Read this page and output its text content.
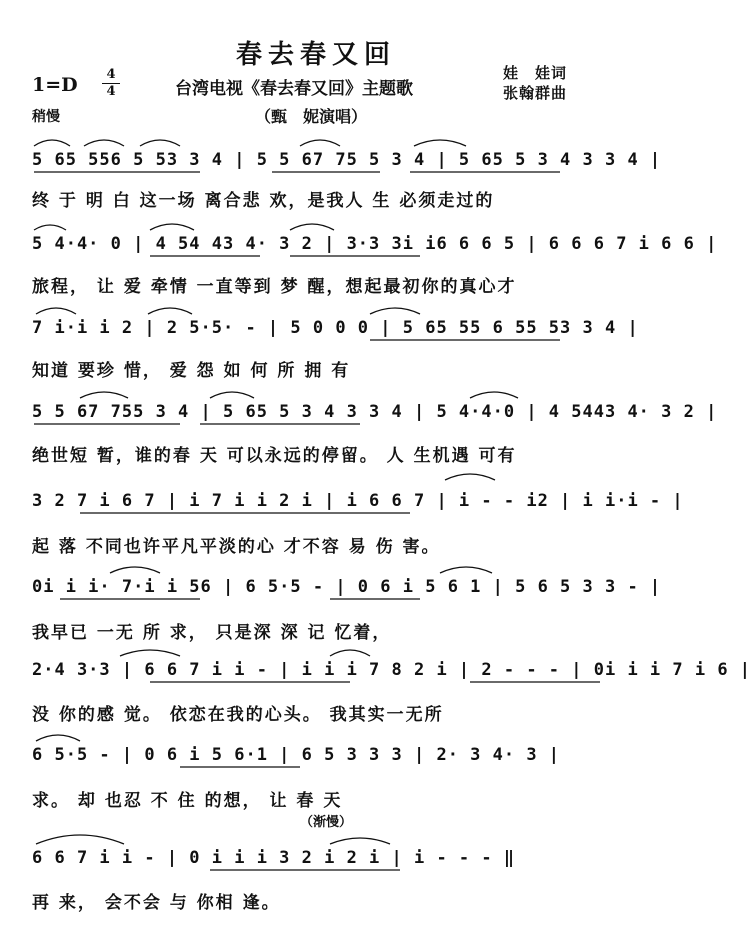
春去春又回
1=D	4
4	台湾电视《春去春又回》主题歌
娃　娃词
张翰群曲
稍慢	（甄　妮演唱）
5 65 556 5 53 3 4 | 5 5 67 75 5 3 4 | 5 65 5 3 4 3 3 4 |
终 于 明 白 这一场 离合悲 欢，是我人 生 必须走过的
5 4·4· 0 | 4 54 43 4· 3 2 | 3·3 3i i6 6 6 5 | 6 6 6 7 i 6 6 |
旅程， 让 爱 牵情 一直等到 梦 醒，想起最初你的真心才
7 i·i i 2 | 2 5·5· - | 5 0 0 0 | 5 65 55 6 55 53 3 4 |
知道 要珍 惜， 爱 怨 如 何 所 拥 有
5 5 67 755 3 4 | 5 65 5 3 4 3 3 4 | 5 4·4·0 | 4 5443 4· 3 2 |
绝世短 暂，谁的春 天 可以永远的停留。 人 生机遇 可有
3 2 7 i 6 7 | i 7 i i 2 i | i 6 6 7 | i - - i2 | i i·i - |
起 落 不同也许平凡平淡的心 才不容 易 伤 害。
0i i i· 7·i i 56 | 6 5·5 - | 0 6 i 5 6 1 | 5 6 5 3 3 - |
我早已 一无 所 求， 只是深 深 记 忆着，
2·4 3·3 | 6 6 7 i i - | i i i 7 8 2 i | 2 - - - | 0i i i 7 i 6 |
没 你的感 觉。 依恋在我的心头。 我其实一无所
6 5·5 - | 0 6 i 5 6·1 | 6 5 3 3 3 | 2· 3 4· 3 |
求。 却 也忍 不 住 的想， 让 春 天
（渐慢）
6 6 7 i i - | 0 i i i 3 2 i 2 i | i - - - ‖
再 来， 会不会 与 你相 逢。
